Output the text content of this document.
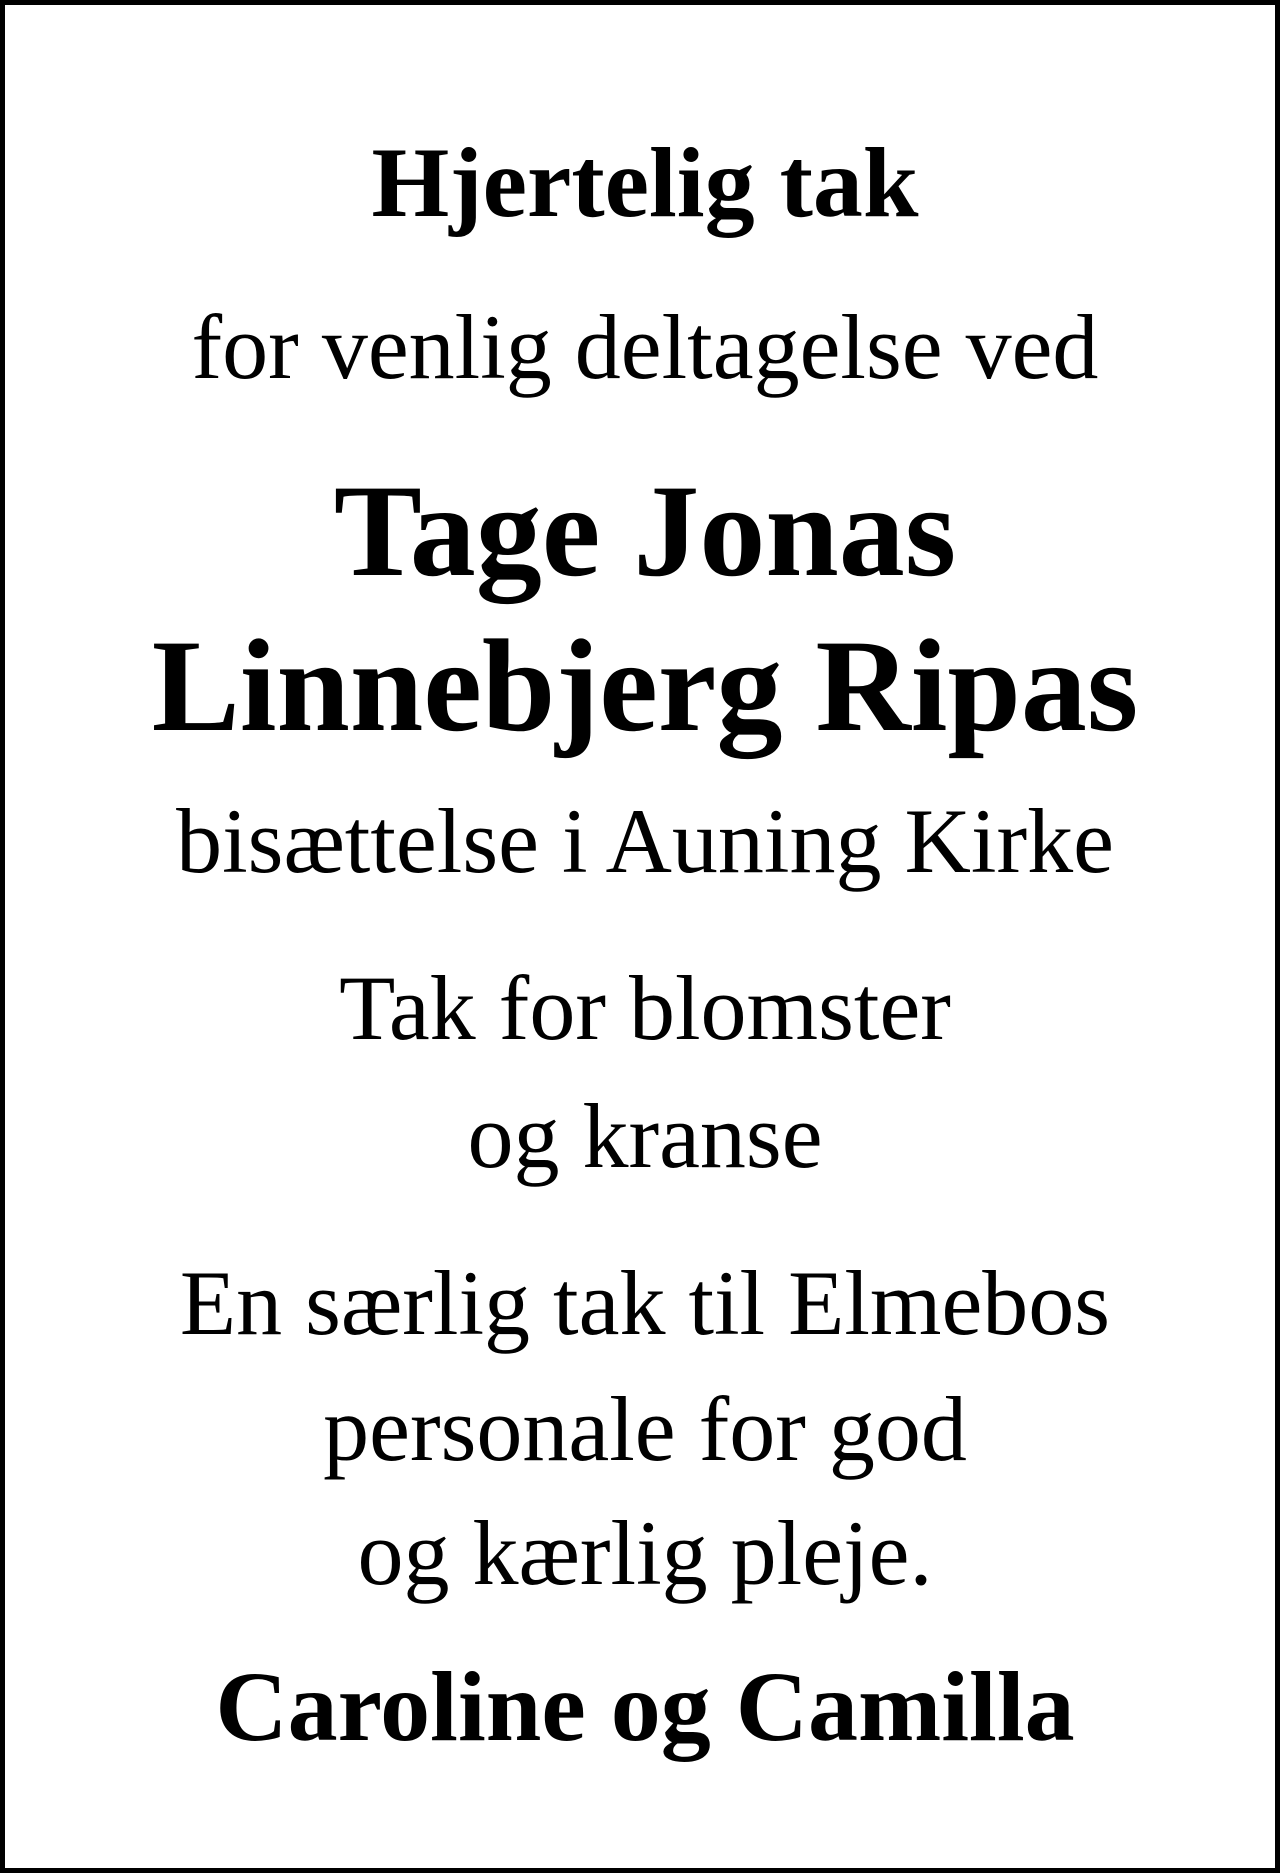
Hjertelig tak
for venlig deltagelse ved
Tage Jonas
Linnebjerg Ripas
bisættelse i Auning Kirke
Tak for blomster
og kranse
En særlig tak til Elmebos
personale for god
og kærlig pleje.
Caroline og Camilla
